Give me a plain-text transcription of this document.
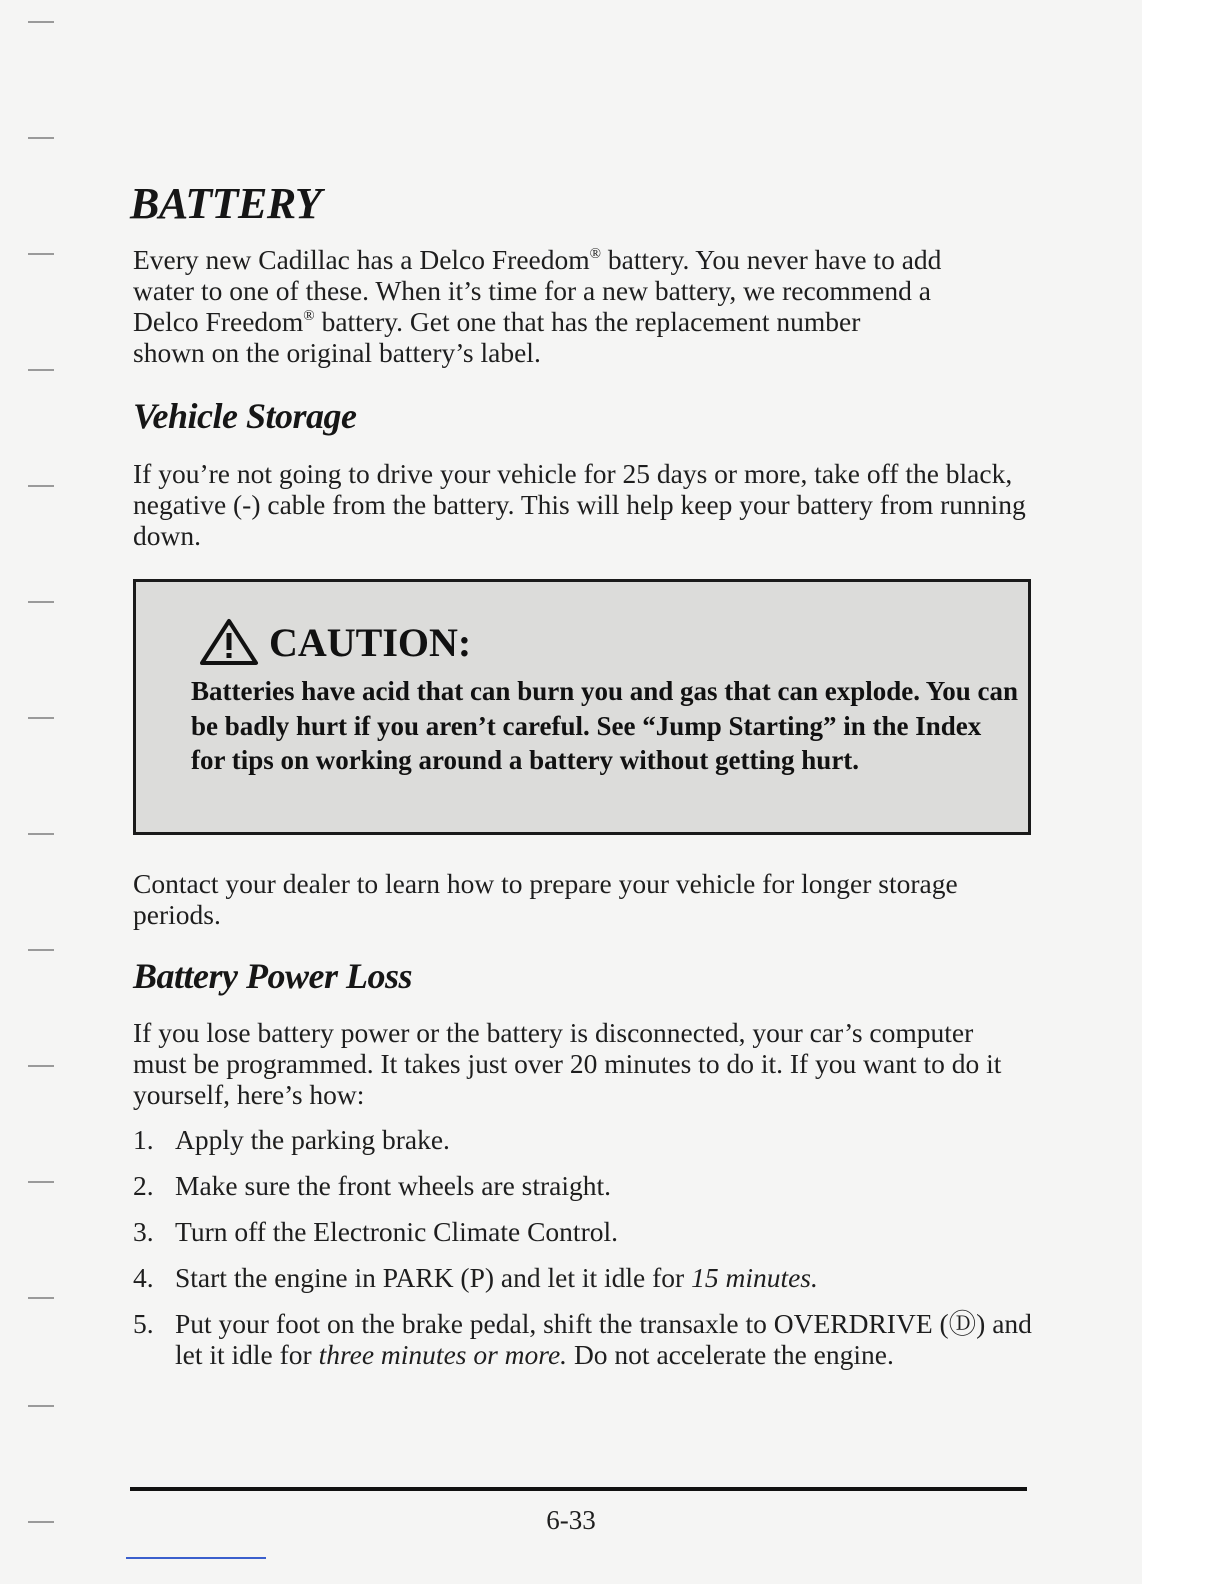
BATTERY

Every new Cadillac has a Delco Freedom® battery. You never have to add
water to one of these. When it’s time for a new battery, we recommend a
Delco Freedom® battery. Get one that has the replacement number
shown on the original battery’s label.

Vehicle Storage

If you’re not going to drive your vehicle for 25 days or more, take off the black, negative (-) cable from the battery. This will help keep your battery from running down.

CAUTION:

Batteries have acid that can burn you and gas that can explode. You can be badly hurt if you aren’t careful. See “Jump Starting” in the Index for tips on working around a battery without getting hurt.

Contact your dealer to learn how to prepare your vehicle for longer storage periods.

Battery Power Loss

If you lose battery power or the battery is disconnected, your car’s computer must be programmed. It takes just over 20 minutes to do it. If you want to do it yourself, here’s how:

1. Apply the parking brake.
2. Make sure the front wheels are straight.
3. Turn off the Electronic Climate Control.
4. Start the engine in PARK (P) and let it idle for 15 minutes.
5. Put your foot on the brake pedal, shift the transaxle to OVERDRIVE (Ⓓ) and let it idle for three minutes or more. Do not accelerate the engine.

6-33
